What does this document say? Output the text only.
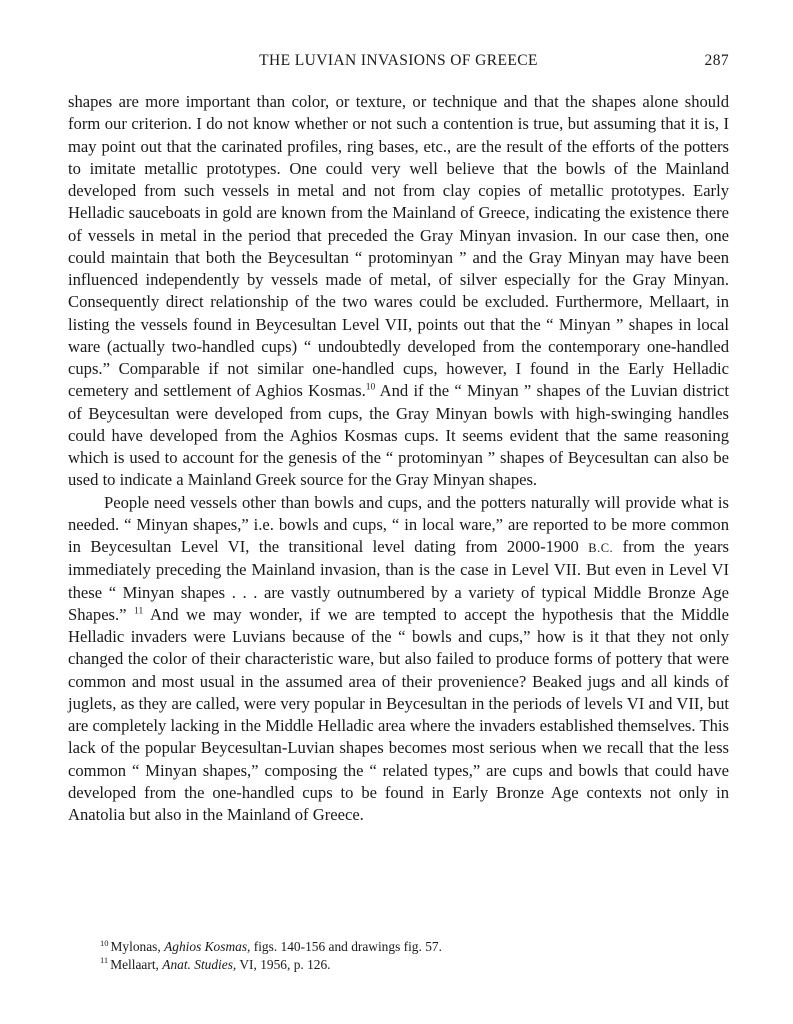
THE LUVIAN INVASIONS OF GREECE	287

shapes are more important than color, or texture, or technique and that the shapes alone should form our criterion. I do not know whether or not such a contention is true, but assuming that it is, I may point out that the carinated profiles, ring bases, etc., are the result of the efforts of the potters to imitate metallic prototypes. One could very well believe that the bowls of the Mainland developed from such vessels in metal and not from clay copies of metallic prototypes. Early Helladic sauceboats in gold are known from the Mainland of Greece, indicating the existence there of vessels in metal in the period that preceded the Gray Minyan invasion. In our case then, one could maintain that both the Beycesultan “ protominyan ” and the Gray Minyan may have been influenced independently by vessels made of metal, of silver especially for the Gray Minyan. Consequently direct relationship of the two wares could be excluded. Furthermore, Mellaart, in listing the vessels found in Beycesultan Level VII, points out that the “ Minyan ” shapes in local ware (actually two-handled cups) “ undoubtedly developed from the contemporary one-handled cups.” Comparable if not similar one-handled cups, however, I found in the Early Helladic cemetery and settlement of Aghios Kosmas.$^{10}$ And if the “ Minyan ” shapes of the Luvian district of Beycesultan were developed from cups, the Gray Minyan bowls with high-swinging handles could have developed from the Aghios Kosmas cups. It seems evident that the same reasoning which is used to account for the genesis of the “ protominyan ” shapes of Beycesultan can also be used to indicate a Mainland Greek source for the Gray Minyan shapes.

People need vessels other than bowls and cups, and the potters naturally will provide what is needed. “ Minyan shapes,” i.e. bowls and cups, “ in local ware,” are reported to be more common in Beycesultan Level VI, the transitional level dating from 2000-1900 B.C. from the years immediately preceding the Mainland invasion, than is the case in Level VII. But even in Level VI these “ Minyan shapes . . . are vastly outnumbered by a variety of typical Middle Bronze Age Shapes.” $^{11}$ And we may wonder, if we are tempted to accept the hypothesis that the Middle Helladic invaders were Luvians because of the “ bowls and cups,” how is it that they not only changed the color of their characteristic ware, but also failed to produce forms of pottery that were common and most usual in the assumed area of their provenience? Beaked jugs and all kinds of juglets, as they are called, were very popular in Beycesultan in the periods of levels VI and VII, but are completely lacking in the Middle Helladic area where the invaders established themselves. This lack of the popular Beycesultan-Luvian shapes becomes most serious when we recall that the less common “ Minyan shapes,” composing the “ related types,” are cups and bowls that could have developed from the one-handled cups to be found in Early Bronze Age contexts not only in Anatolia but also in the Mainland of Greece.

$^{10}$ Mylonas, Aghios Kosmas, figs. 140-156 and drawings fig. 57.

$^{11}$ Mellaart, Anat. Studies, VI, 1956, p. 126.
